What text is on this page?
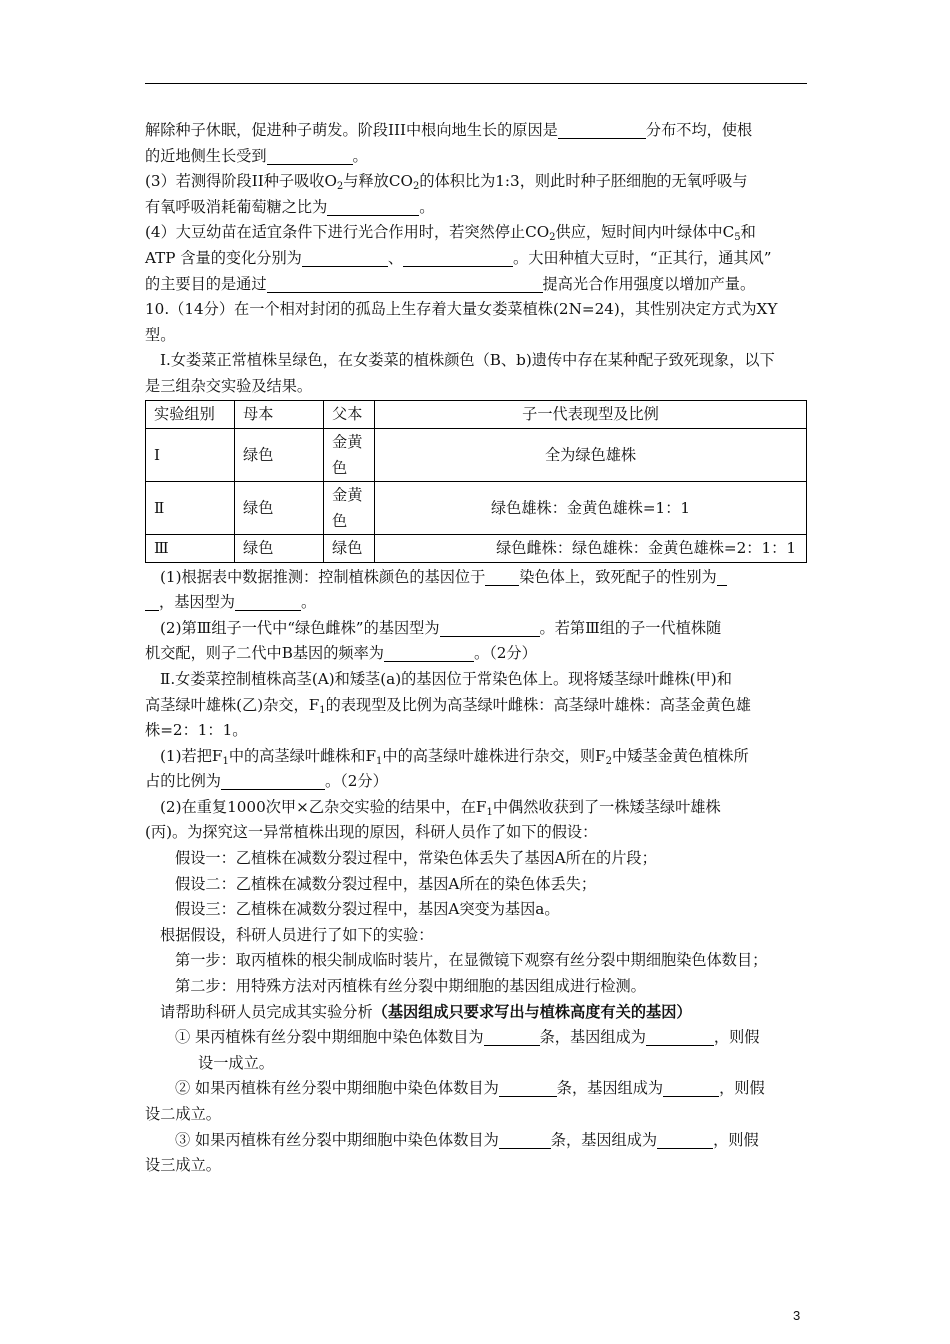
解除种子休眠，促进种子萌发。阶段III中根向地生长的原因是	分布不均，使根

的近地侧生长受到	。

(3）若测得阶段II种子吸收$O_2$与释放$CO_2$的体积比为1:3，则此时种子胚细胞的无氧呼吸与

有氧呼吸消耗葡萄糖之比为	。

(4）大豆幼苗在适宜条件下进行光合作用时，若突然停止$CO_2$供应，短时间内叶绿体中$C_5$和

ATP 含量的变化分别为	、	。大田种植大豆时，“正其行，通其风”

的主要目的是通过	提高光合作用强度以增加产量。

10.（14分）在一个相对封闭的孤岛上生存着大量女娄菜植株(2N=24)，其性别决定方式为XY

型。

Ⅰ.女娄菜正常植株呈绿色，在女娄菜的植株颜色（B、b)遗传中存在某种配子致死现象，以下

是三组杂交实验及结果。

实验组别	母本	父本	子一代表现型及比例
Ⅰ	绿色	金黄色	全为绿色雄株
Ⅱ	绿色	金黄色	绿色雄株：金黄色雄株=1：1
Ⅲ	绿色	绿色	绿色雌株：绿色雄株：金黄色雄株=2：1：1

(1)根据表中数据推测：控制植株颜色的基因位于 染色体上，致死配子的性别为

，基因型为	。

(2)第Ⅲ组子一代中“绿色雌株”的基因型为	。若第Ⅲ组的子一代植株随

机交配，则子二代中B基因的频率为	。（2分）

Ⅱ.女娄菜控制植株高茎(A)和矮茎(a)的基因位于常染色体上。现将矮茎绿叶雌株(甲)和

高茎绿叶雄株(乙)杂交，$F_1$的表现型及比例为高茎绿叶雌株：高茎绿叶雄株：高茎金黄色雄

株=2：1：1。

(1)若把$F_1$中的高茎绿叶雌株和$F_1$中的高茎绿叶雄株进行杂交，则$F_2$中矮茎金黄色植株所

占的比例为	。（2分）

(2)在重复1000次甲×乙杂交实验的结果中，在$F_1$中偶然收获到了一株矮茎绿叶雄株

(丙)。为探究这一异常植株出现的原因，科研人员作了如下的假设：

假设一：乙植株在减数分裂过程中，常染色体丢失了基因A所在的片段；

假设二：乙植株在减数分裂过程中，基因A所在的染色体丢失；

假设三：乙植株在减数分裂过程中，基因A突变为基因a。

根据假设，科研人员进行了如下的实验：

第一步：取丙植株的根尖制成临时装片，在显微镜下观察有丝分裂中期细胞染色体数目；

第二步：用特殊方法对丙植株有丝分裂中期细胞的基因组成进行检测。

请帮助科研人员完成其实验分析（基因组成只要求写出与植株高度有关的基因）

① 果丙植株有丝分裂中期细胞中染色体数目为	条，基因组成为	，则假
设一成立。

② 如果丙植株有丝分裂中期细胞中染色体数目为	条，基因组成为	，则假

设二成立。

③ 如果丙植株有丝分裂中期细胞中染色体数目为	条，基因组成为	，则假

设三成立。

3
